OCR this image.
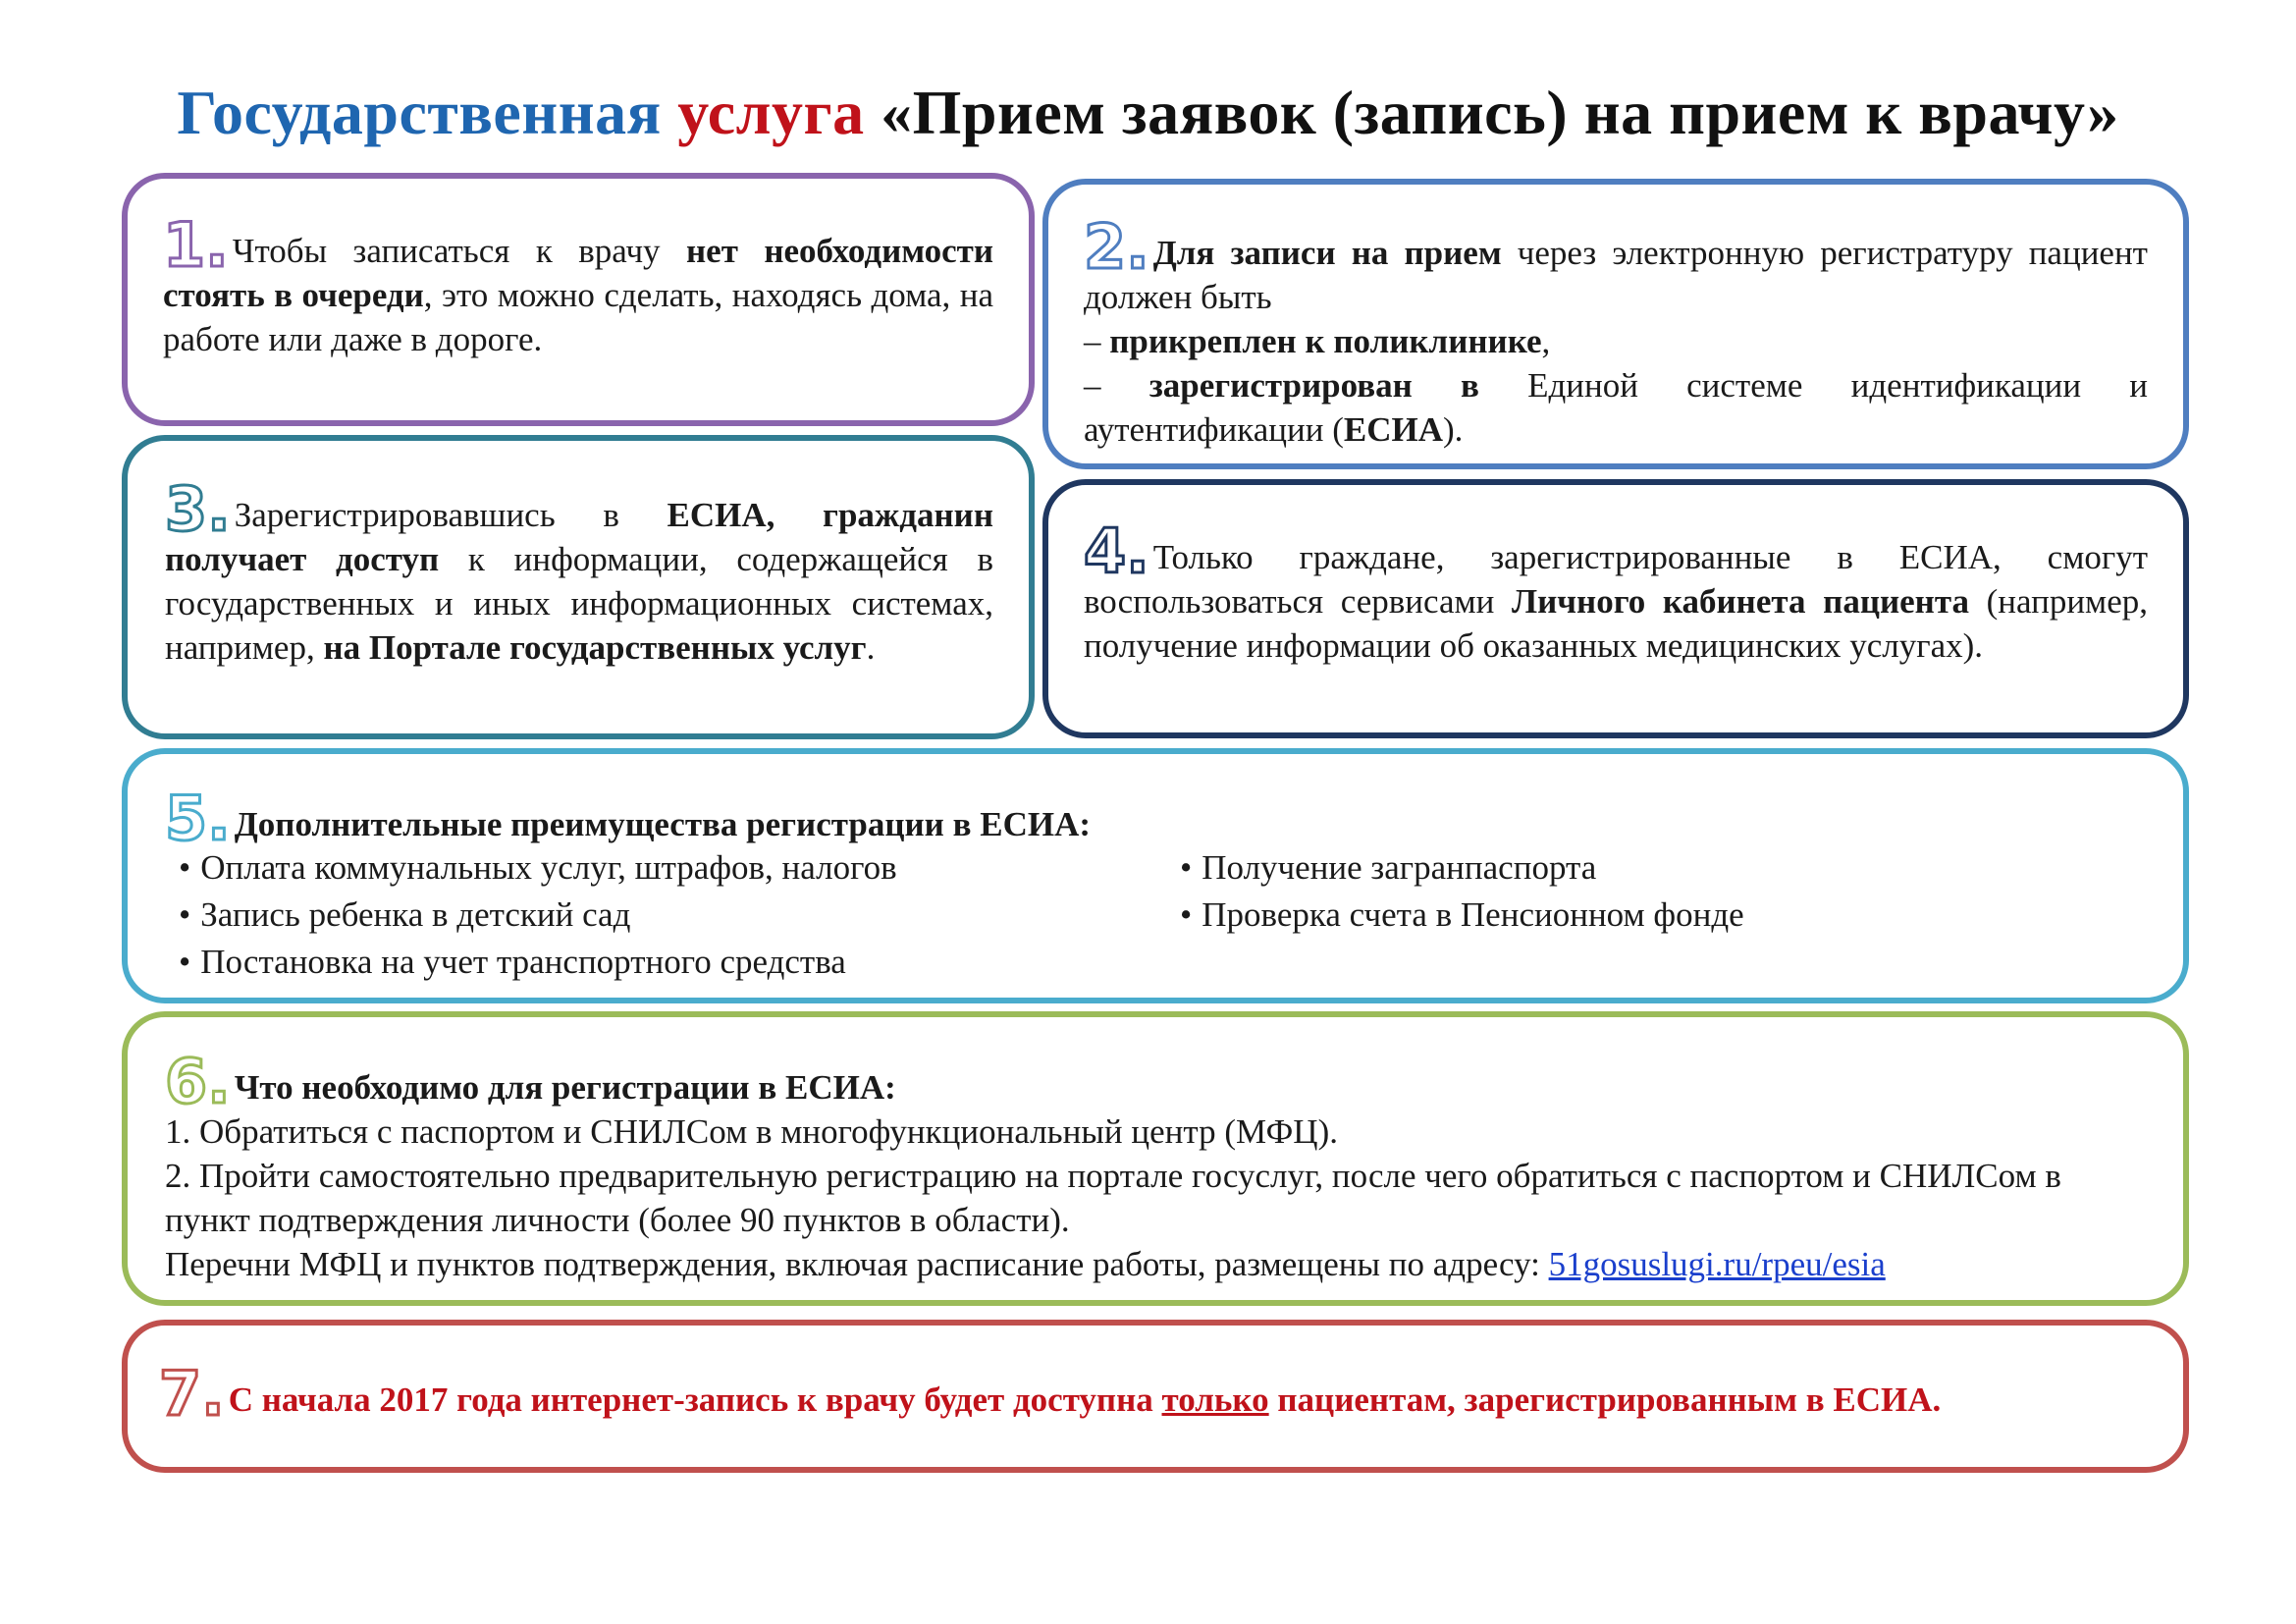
Государственная услуга «Прием заявок (запись) на прием к врачу»

1. Чтобы записаться к врачу нет необходимости стоять в очереди, это можно сделать, находясь дома, на работе или даже в дороге.

2. Для записи на прием через электронную регистратуру пациент должен быть

– прикреплен к поликлинике,

– зарегистрирован в Единой системе идентификации и аутентификации (ЕСИА).

3. Зарегистрировавшись в ЕСИА, гражданин получает доступ к информации, содержащейся в государственных и иных информационных системах, например, на Портале государственных услуг.

4. Только граждане, зарегистрированные в ЕСИА, смогут воспользоваться сервисами Личного кабинета пациента (например, получение информации об оказанных медицинских услугах).

5. Дополнительные преимущества регистрации в ЕСИА:

• Оплата коммунальных услуг, штрафов, налогов
• Запись ребенка в детский сад
• Постановка на учет транспортного средства
• Получение загранпаспорта
• Проверка счета в Пенсионном фонде

6. Что необходимо для регистрации в ЕСИА:

1. Обратиться с паспортом и СНИЛСом в многофункциональный центр (МФЦ).

2. Пройти самостоятельно предварительную регистрацию на портале госуслуг, после чего обратиться с паспортом и СНИЛСом в пункт подтверждения личности (более 90 пунктов в области).

Перечни МФЦ и пунктов подтверждения, включая расписание работы, размещены по адресу: 51gosuslugi.ru/rpeu/esia

7. С начала 2017 года интернет-запись к врачу будет доступна только пациентам, зарегистрированным в ЕСИА.
